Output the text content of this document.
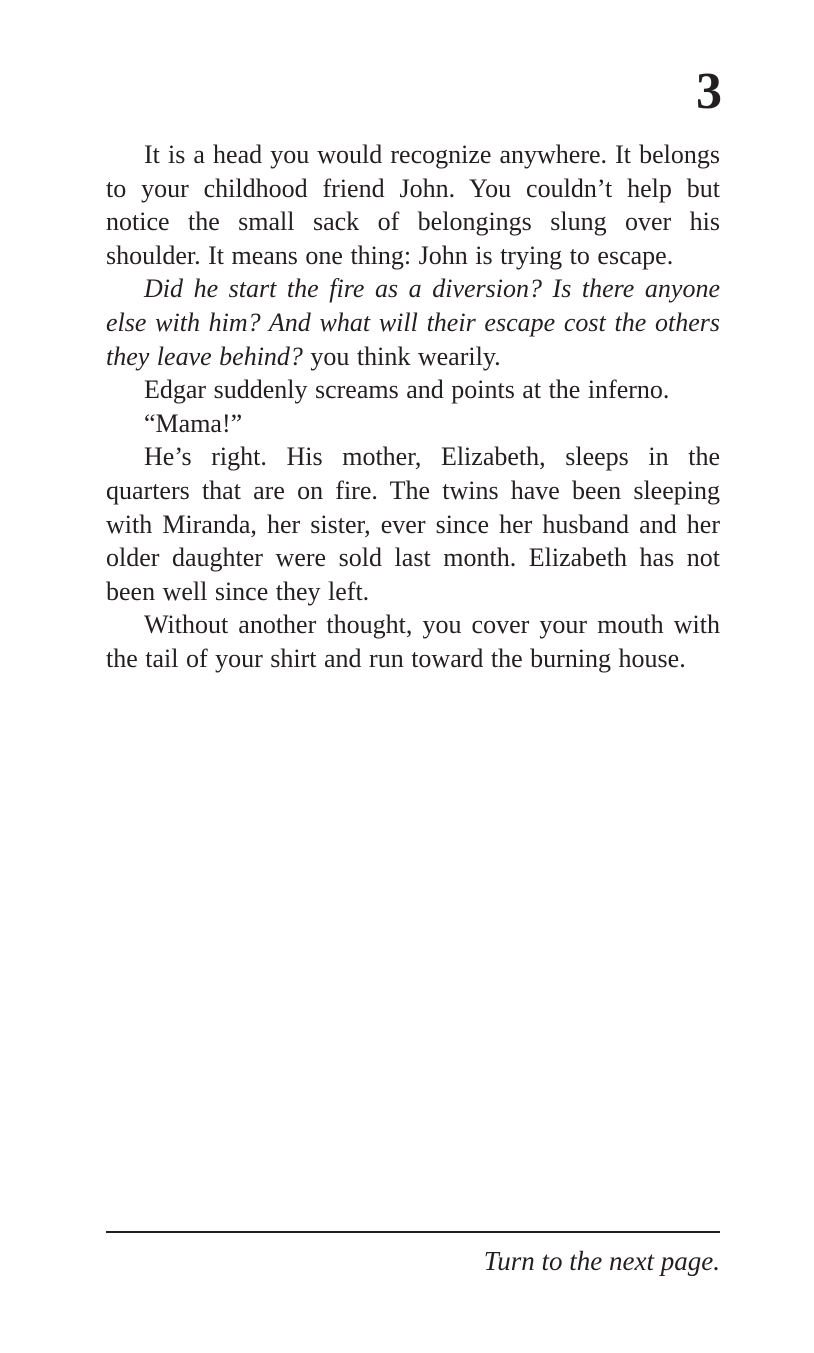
3

It is a head you would recognize anywhere. It belongs to your childhood friend John. You couldn’t help but notice the small sack of belongings slung over his shoulder. It means one thing: John is trying to escape.

Did he start the fire as a diversion? Is there anyone else with him? And what will their escape cost the others they leave behind? you think wearily.

Edgar suddenly screams and points at the inferno.

“Mama!”

He’s right. His mother, Elizabeth, sleeps in the quarters that are on fire. The twins have been sleeping with Miranda, her sister, ever since her husband and her older daughter were sold last month. Elizabeth has not been well since they left.

Without another thought, you cover your mouth with the tail of your shirt and run toward the burning house.

Turn to the next page.
